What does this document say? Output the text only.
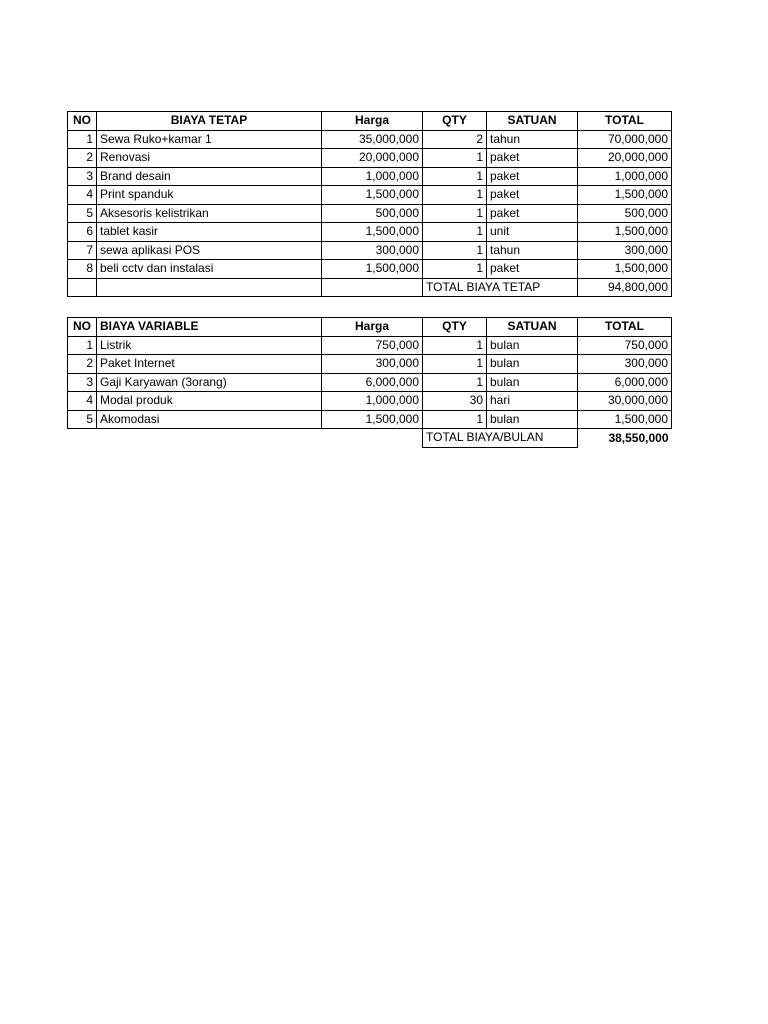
NO	BIAYA TETAP	Harga	QTY	SATUAN	TOTAL
1	Sewa Ruko+kamar 1	35,000,000	2	tahun	70,000,000
2	Renovasi	20,000,000	1	paket	20,000,000
3	Brand desain	1,000,000	1	paket	1,000,000
4	Print spanduk	1,500,000	1	paket	1,500,000
5	Aksesoris kelistrikan	500,000	1	paket	500,000
6	tablet kasir	1,500,000	1	unit	1,500,000
7	sewa aplikasi POS	300,000	1	tahun	300,000
8	beli cctv dan instalasi	1,500,000	1	paket	1,500,000
			TOTAL BIAYA TETAP		94,800,000
NO	BIAYA VARIABLE	Harga	QTY	SATUAN	TOTAL
1	Listrik	750,000	1	bulan	750,000
2	Paket Internet	300,000	1	bulan	300,000
3	Gaji Karyawan (3orang)	6,000,000	1	bulan	6,000,000
4	Modal produk	1,000,000	30	hari	30,000,000
5	Akomodasi	1,500,000	1	bulan	1,500,000
			TOTAL BIAYA/BULAN		38,550,000
